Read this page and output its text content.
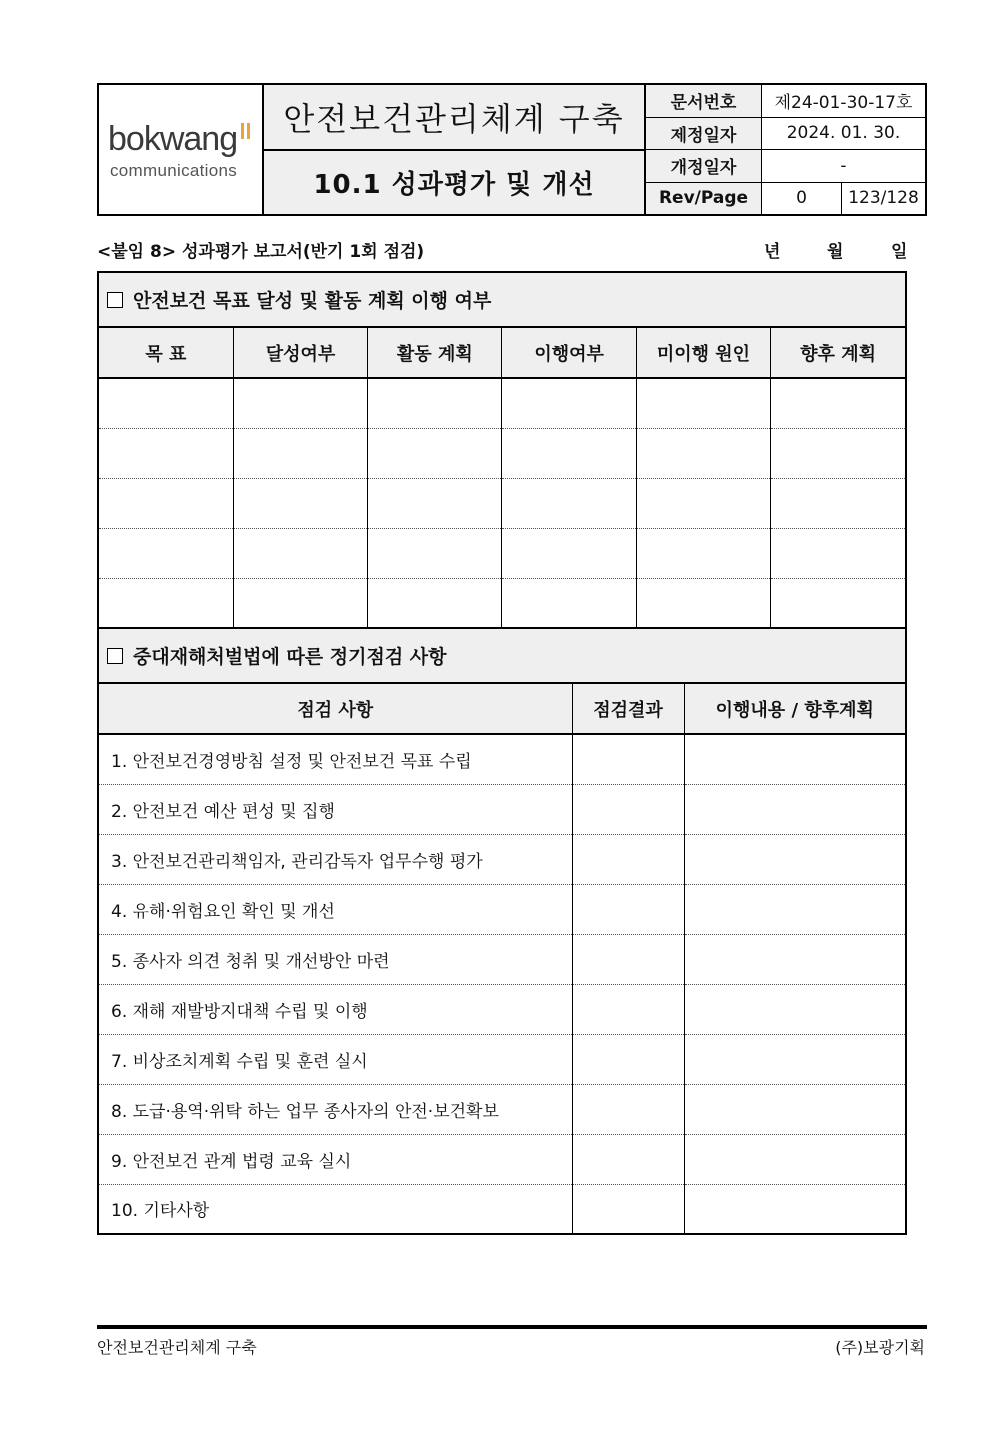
bokwang
communications
안전보건관리체계 구축
10.1 성과평가 및 개선
문서번호	제24-01-30-17호
제정일자	2024. 01. 30.
개정일자	-
Rev/Page	0	123/128
<붙임 8> 성과평가 보고서(반기 1회 점검)	년	월	일
안전보건 목표 달성 및 활동 계획 이행 여부
목 표	달성여부	활동 계획	이행여부	미이행 원인	향후 계획

중대재해처벌법에 따른 정기점검 사항
점검 사항	점검결과	이행내용 / 향후계획
1. 안전보건경영방침 설정 및 안전보건 목표 수립		
2. 안전보건 예산 편성 및 집행		
3. 안전보건관리책임자, 관리감독자 업무수행 평가		
4. 유해·위험요인 확인 및 개선		
5. 종사자 의견 청취 및 개선방안 마련		
6. 재해 재발방지대책 수립 및 이행		
7. 비상조치계획 수립 및 훈련 실시		
8. 도급·용역·위탁 하는 업무 종사자의 안전·보건확보		
9. 안전보건 관계 법령 교육 실시		
10. 기타사항		
안전보건관리체계 구축	(주)보광기획
